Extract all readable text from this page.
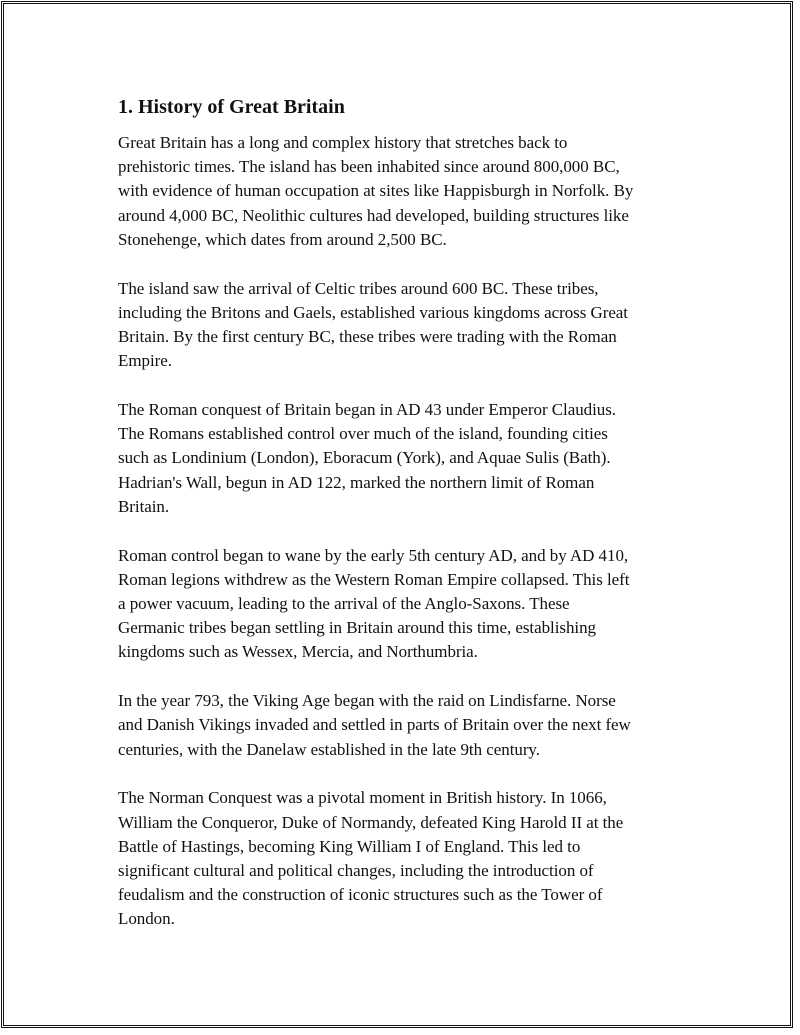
1. History of Great Britain

Great Britain has a long and complex history that stretches back to
prehistoric times. The island has been inhabited since around 800,000 BC,
with evidence of human occupation at sites like Happisburgh in Norfolk. By
around 4,000 BC, Neolithic cultures had developed, building structures like
Stonehenge, which dates from around 2,500 BC.

The island saw the arrival of Celtic tribes around 600 BC. These tribes,
including the Britons and Gaels, established various kingdoms across Great
Britain. By the first century BC, these tribes were trading with the Roman
Empire.

The Roman conquest of Britain began in AD 43 under Emperor Claudius.
The Romans established control over much of the island, founding cities
such as Londinium (London), Eboracum (York), and Aquae Sulis (Bath).
Hadrian's Wall, begun in AD 122, marked the northern limit of Roman
Britain.

Roman control began to wane by the early 5th century AD, and by AD 410,
Roman legions withdrew as the Western Roman Empire collapsed. This left
a power vacuum, leading to the arrival of the Anglo-Saxons. These
Germanic tribes began settling in Britain around this time, establishing
kingdoms such as Wessex, Mercia, and Northumbria.

In the year 793, the Viking Age began with the raid on Lindisfarne. Norse
and Danish Vikings invaded and settled in parts of Britain over the next few
centuries, with the Danelaw established in the late 9th century.

The Norman Conquest was a pivotal moment in British history. In 1066,
William the Conqueror, Duke of Normandy, defeated King Harold II at the
Battle of Hastings, becoming King William I of England. This led to
significant cultural and political changes, including the introduction of
feudalism and the construction of iconic structures such as the Tower of
London.
